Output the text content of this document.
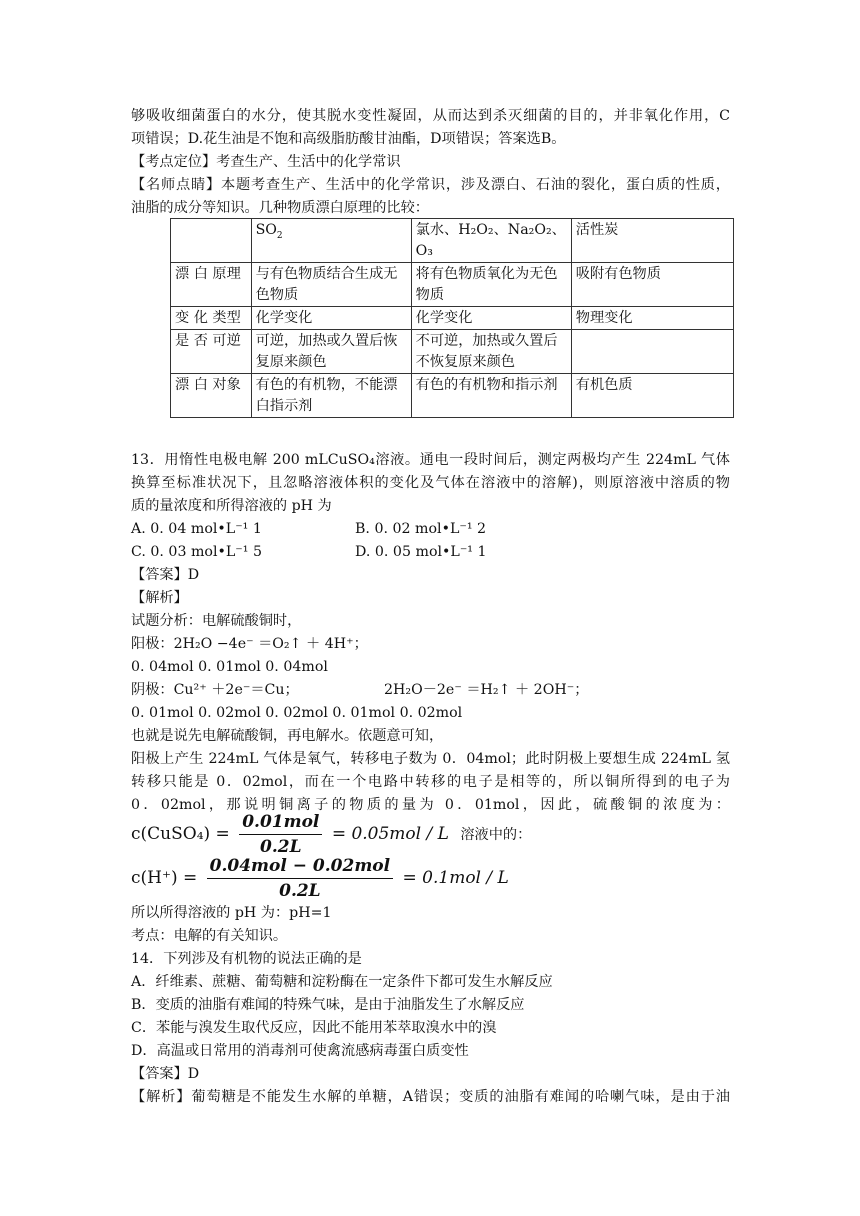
够吸收细菌蛋白的水分，使其脱水变性凝固，从而达到杀灭细菌的目的，并非氧化作用，C
项错误；D.花生油是不饱和高级脂肪酸甘油酯，D项错误；答案选B。
【考点定位】考查生产、生活中的化学常识
【名师点睛】本题考查生产、生活中的化学常识，涉及漂白、石油的裂化，蛋白质的性质，
油脂的成分等知识。几种物质漂白原理的比较：
	$SO_2$	氯水、H₂O₂、Na₂O₂、O₃	活性炭
漂 白 原理	与有色物质结合生成无色物质	将有色物质氧化为无色物质	吸附有色物质
变 化 类型	化学变化	化学变化	物理变化
是 否 可逆	可逆，加热或久置后恢复原来颜色	不可逆，加热或久置后不恢复原来颜色	
漂 白 对象	有色的有机物，不能漂白指示剂	有色的有机物和指示剂	有机色质
13．用惰性电极电解 200 mLCuSO₄溶液。通电一段时间后，测定两极均产生 224mL 气体
换算至标准状况下，且忽略溶液体积的变化及气体在溶液中的溶解)，则原溶液中溶质的物
质的量浓度和所得溶液的 pH 为
A. 0. 04 mol•L⁻¹ 1	B. 0. 02 mol•L⁻¹ 2
C. 0. 03 mol•L⁻¹ 5	D. 0. 05 mol•L⁻¹ 1
【答案】D
【解析】
试题分析：电解硫酸铜时，
阳极：2H₂O −4e⁻ ＝O₂↑ ＋ 4H⁺；
0. 04mol 0. 01mol 0. 04mol
阴极：Cu²⁺ ＋2e⁻＝Cu；	2H₂O－2e⁻ ＝H₂↑ ＋ 2OH⁻；
0. 01mol 0. 02mol 0. 02mol 0. 01mol 0. 02mol
也就是说先电解硫酸铜，再电解水。依题意可知，
阳极上产生 224mL 气体是氧气，转移电子数为 0．04mol；此时阴极上要想生成 224mL 氢
转移只能是 0．02mol，而在一个电路中转移的电子是相等的，所以铜所得到的电子为
0．02mol，那说明铜离子的物质的量为 0．01mol，因此，硫酸铜的浓度为：
c(CuSO₄) = $\frac{\text{0.01mol}}{0.2L} = 0.05mol / L$ 溶液中的：
$c(H^+) = \frac{\text{0.04mol − 0.02mol}}{0.2L} = 0.1mol / L$
所以所得溶液的 pH 为：pH=1
考点：电解的有关知识。
14．下列涉及有机物的说法正确的是
A．纤维素、蔗糖、葡萄糖和淀粉酶在一定条件下都可发生水解反应
B．变质的油脂有难闻的特殊气味，是由于油脂发生了水解反应
C．苯能与溴发生取代反应，因此不能用苯萃取溴水中的溴
D．高温或日常用的消毒剂可使禽流感病毒蛋白质变性
【答案】D
【解析】葡萄糖是不能发生水解的单糖，A错误；变质的油脂有难闻的哈喇气味，是由于油
